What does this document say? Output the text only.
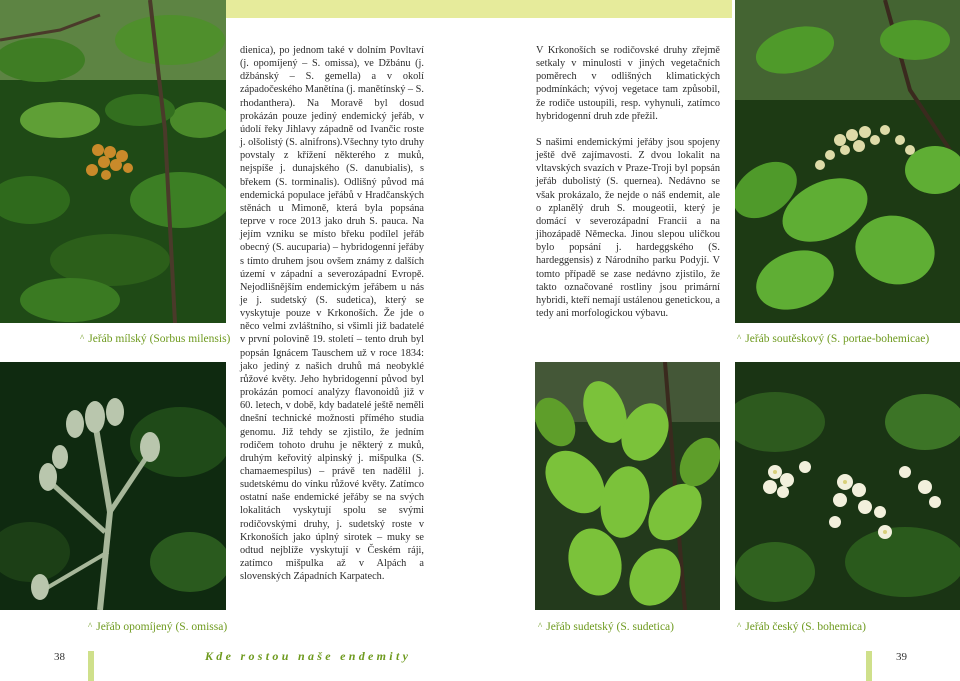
^ Jeřáb mílský (Sorbus milensis)
^ Jeřáb opomíjený (S. omissa)	^ Jeřáb sudetský (S. sudetica)	^ Jeřáb český (S. bohemica)
^ Jeřáb soutěskový (S. portae-bohemicae)

dienica), po jednom také v dolním Povltaví (j. opomíjený – S. omissa), ve Džbánu (j. džbánský – S. gemella) a v okolí západočeského Manětína (j. manětínský – S. rhodanthera). Na Moravě byl dosud prokázán pouze jediný endemický jeřáb, v údolí řeky Jihlavy západně od Ivančic roste j. olšolistý (S. alnifrons).Všechny tyto druhy povstaly z křížení některého z muků, nejspíše j. dunajského (S. danubialis), s břekem (S. torminalis). Odlišný původ má endemická populace jeřábů v Hradčanských stěnách u Mimoně, která byla popsána teprve v roce 2013 jako druh S. pauca. Na jejím vzniku se místo břeku podílel jeřáb obecný (S. aucuparia) – hybridogenní jeřáby s tímto druhem jsou ovšem známy z dalších území v západní a severozápadní Evropě. Nejodlišnějším endemickým jeřábem u nás je j. sudetský (S. sudetica), který se vyskytuje pouze v Krkonoších. Že jde o něco velmi zvláštního, si všimli již badatelé v první polovině 19. století – tento druh byl popsán Ignácem Tauschem už v roce 1834: jako jediný z našich druhů má neobyklé růžové květy. Jeho hybridogenní původ byl prokázán pomocí analýzy flavonoidů již v 60. letech, v době, kdy badatelé ještě neměli dnešní technické možnosti přímého studia genomu. Již tehdy se zjistilo, že jedním rodičem tohoto druhu je některý z muků, druhým keřovitý alpinský j. mišpulka (S. chamaemespilus) – právě ten nadělil j. sudetskému do vínku růžové květy. Zatímco ostatní naše endemické jeřáby se na svých lokalitách vyskytují spolu se svými rodičovskými druhy, j. sudetský roste v Krkonoších jako úplný sirotek – muky se odtud nejblíže vyskytují v Českém ráji, zatímco mišpulka až v Alpách a slovenských Západních Karpatech.

V Krkonoších se rodičovské druhy zřejmě setkaly v minulosti v jiných vegetačních poměrech v odlišných klimatických podmínkách; vývoj vegetace tam způsobil, že rodiče ustoupili, resp. vyhynuli, zatímco hybridogenní druh zde přežil.

S našimi endemickými jeřáby jsou spojeny ještě dvě zajímavosti. Z dvou lokalit na vltavských svazích v Praze-Troji byl popsán jeřáb dubolistý (S. quernea). Nedávno se však prokázalo, že nejde o náš endemit, ale o zplanělý druh S. mougeotii, který je domácí v severozápadní Francii a na jihozápadě Německa. Jinou slepou uličkou bylo popsání j. hardeggského (S. hardeggensis) z Národního parku Podyjí. V tomto případě se zase nedávno zjistilo, že takto označované rostliny jsou primární hybridi, kteří nemají ustálenou genetickou, a tedy ani morfologickou výbavu.

38	Kde rostou naše endemity	39
